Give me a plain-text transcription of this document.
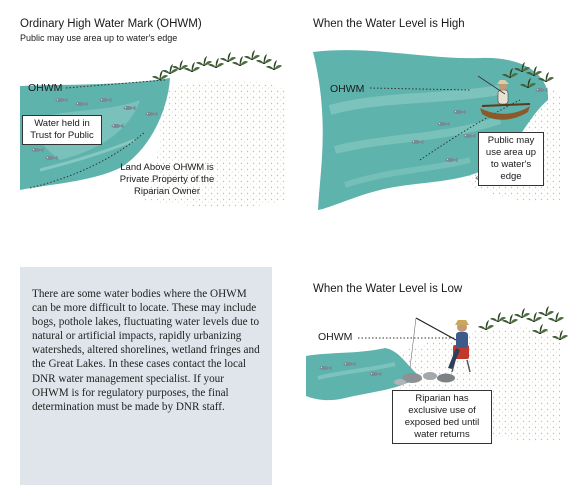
Ordinary High Water Mark (OHWM)
Public may use area up to water's edge
OHWM
Water held in Trust for Public
Land Above OHWM is Private Property of the Riparian Owner
When the Water Level is High
OHWM
Public may use area up to water's edge

There are some water bodies where the OHWM can be more difficult to locate. These may include bogs, pothole lakes, fluctuating water levels due to natural or artificial impacts, rapidly urbanizing watersheds, altered shorelines, wetland fringes and the Great Lakes. In these cases contact the local DNR water management specialist. If your OHWM is for regulatory purposes, the final determination must be made by DNR staff.

When the Water Level is Low
OHWM
Riparian has exclusive use of exposed bed until water returns
